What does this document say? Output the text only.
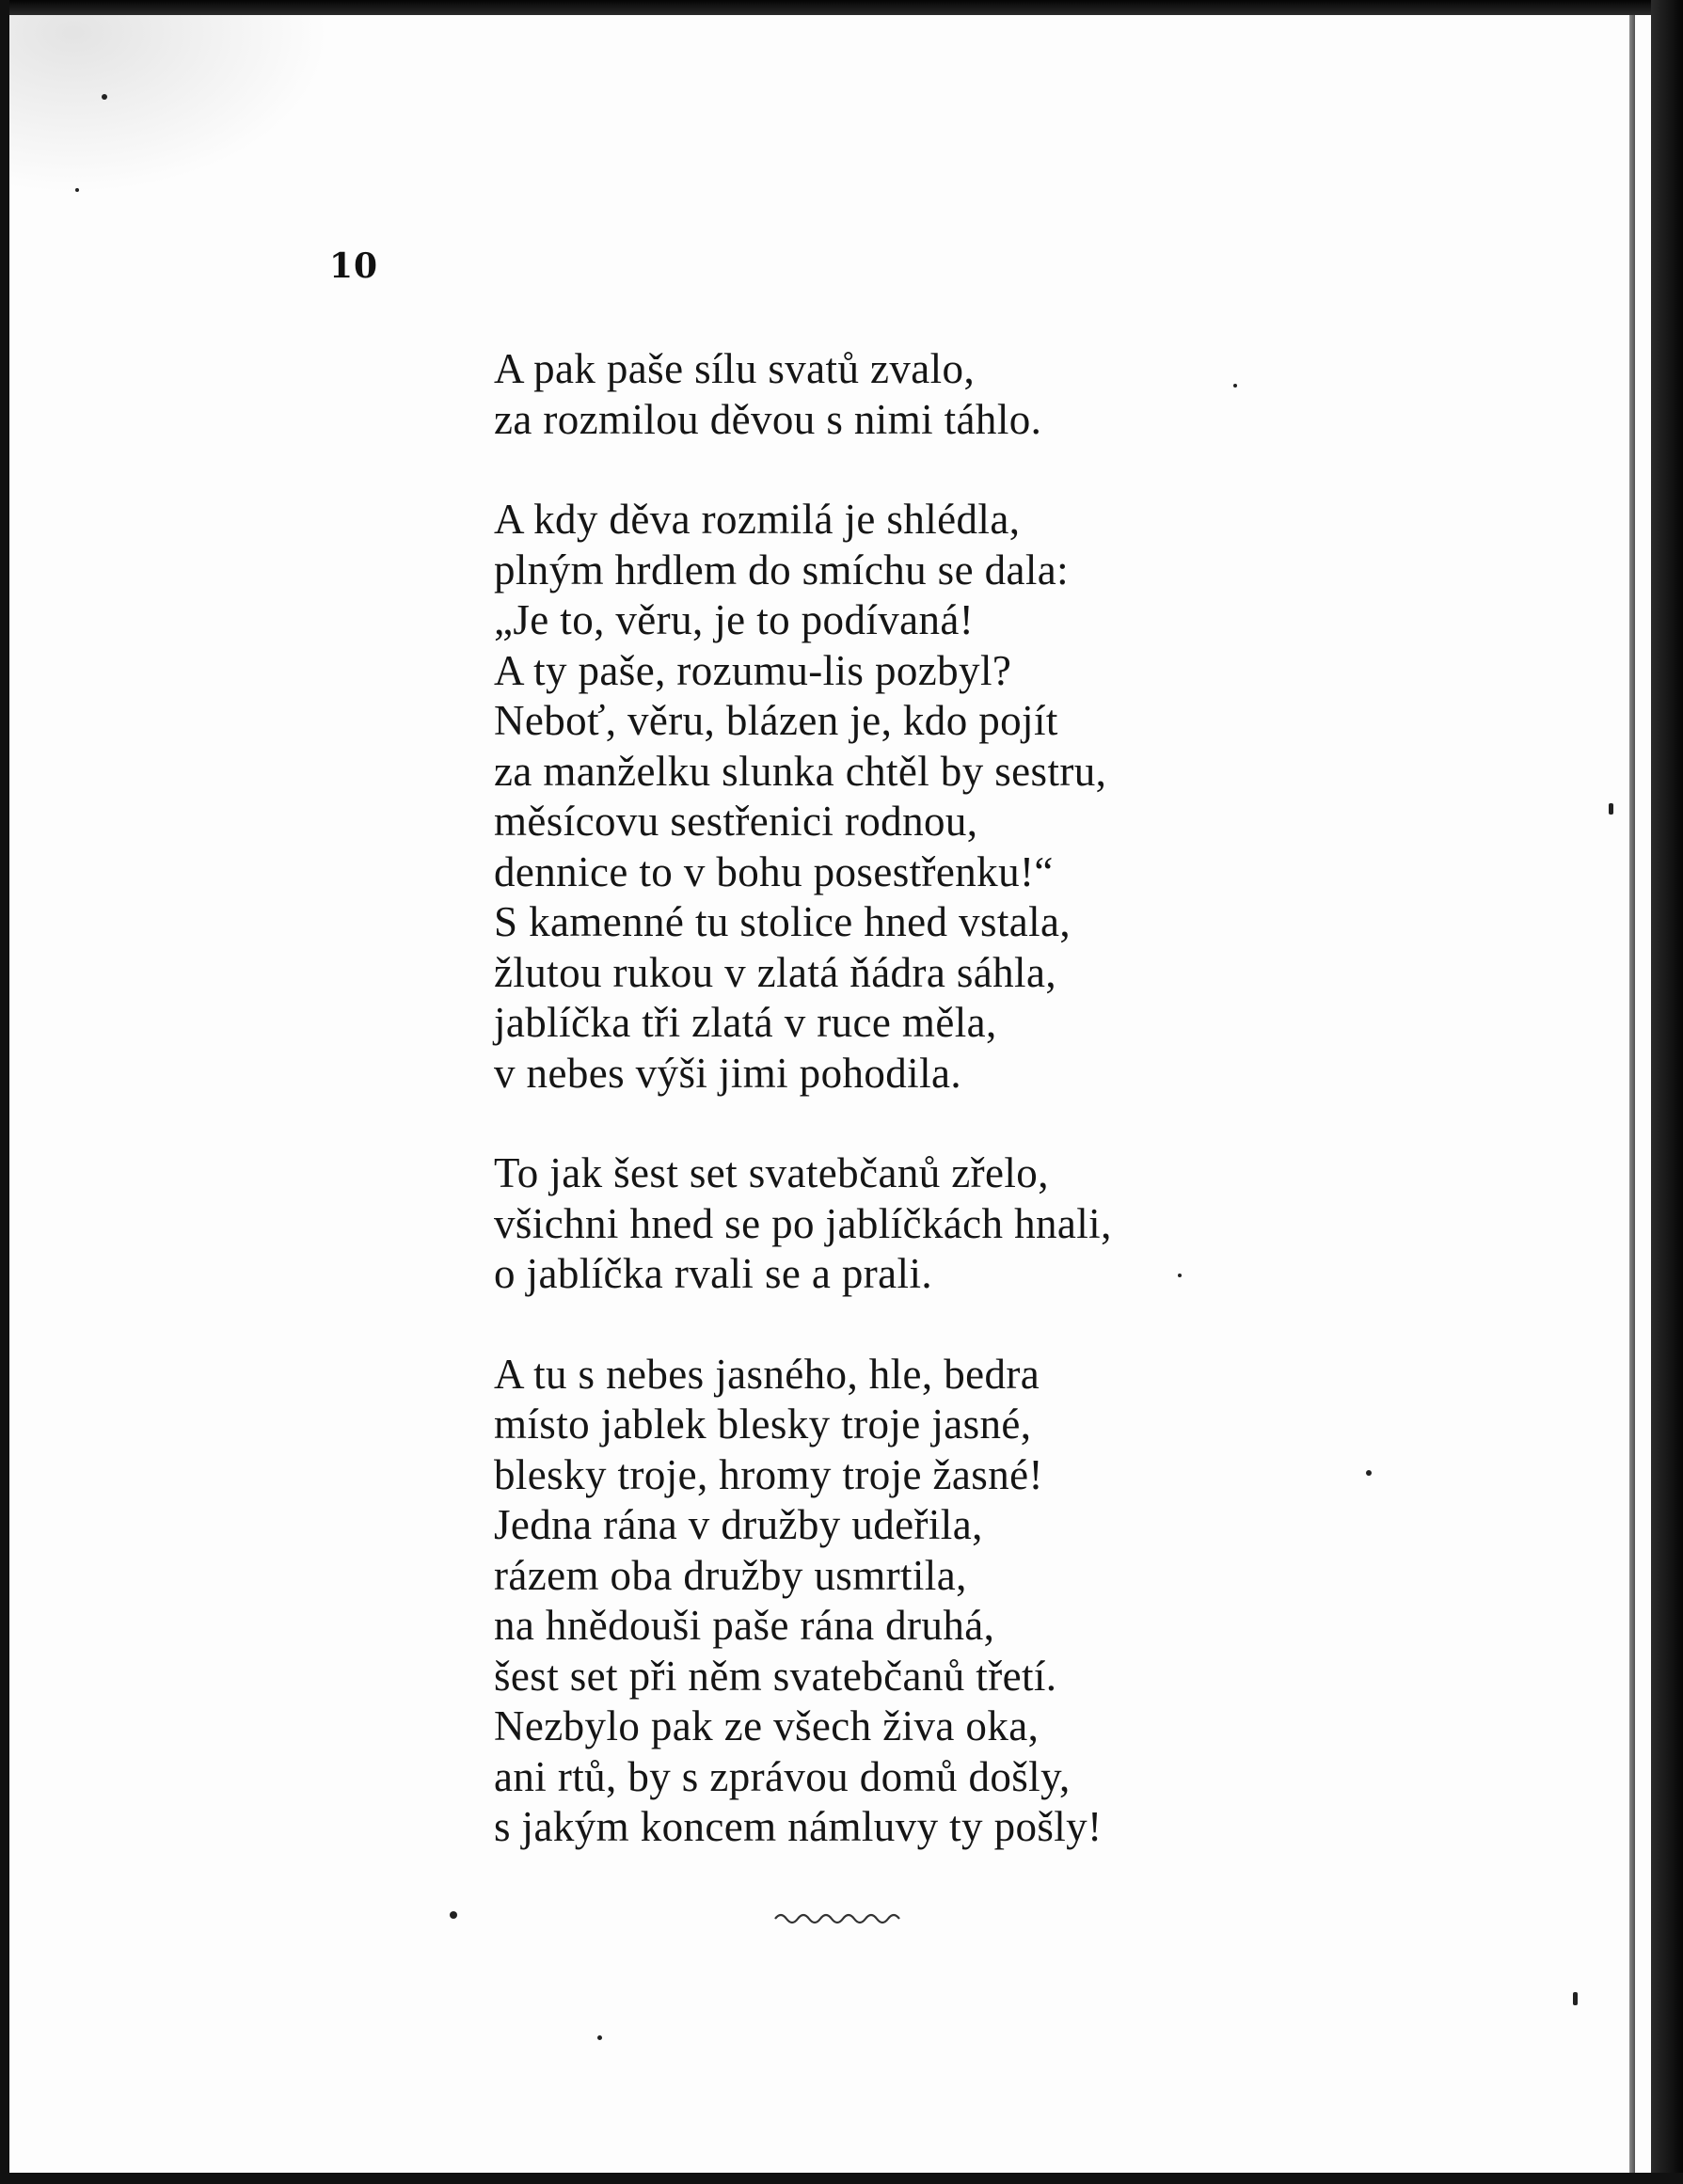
10
A pak paše sílu svatů zvalo,
za rozmilou děvou s nimi táhlo.
A kdy děva rozmilá je shlédla,
plným hrdlem do smíchu se dala:
„Je to, věru, je to podívaná!
A ty paše, rozumu-lis pozbyl?
Neboť, věru, blázen je, kdo pojít
za manželku slunka chtěl by sestru,
měsícovu sestřenici rodnou,
dennice to v bohu posestřenku!“
S kamenné tu stolice hned vstala,
žlutou rukou v zlatá ňádra sáhla,
jablíčka tři zlatá v ruce měla,
v nebes výši jimi pohodila.
To jak šest set svatebčanů zřelo,
všichni hned se po jablíčkách hnali,
o jablíčka rvali se a prali.
A tu s nebes jasného, hle, bedra
místo jablek blesky troje jasné,
blesky troje, hromy troje žasné!
Jedna rána v družby udeřila,
rázem oba družby usmrtila,
na hnědouši paše rána druhá,
šest set při něm svatebčanů třetí.
Nezbylo pak ze všech živa oka,
ani rtů, by s zprávou domů došly,
s jakým koncem námluvy ty pošly!
